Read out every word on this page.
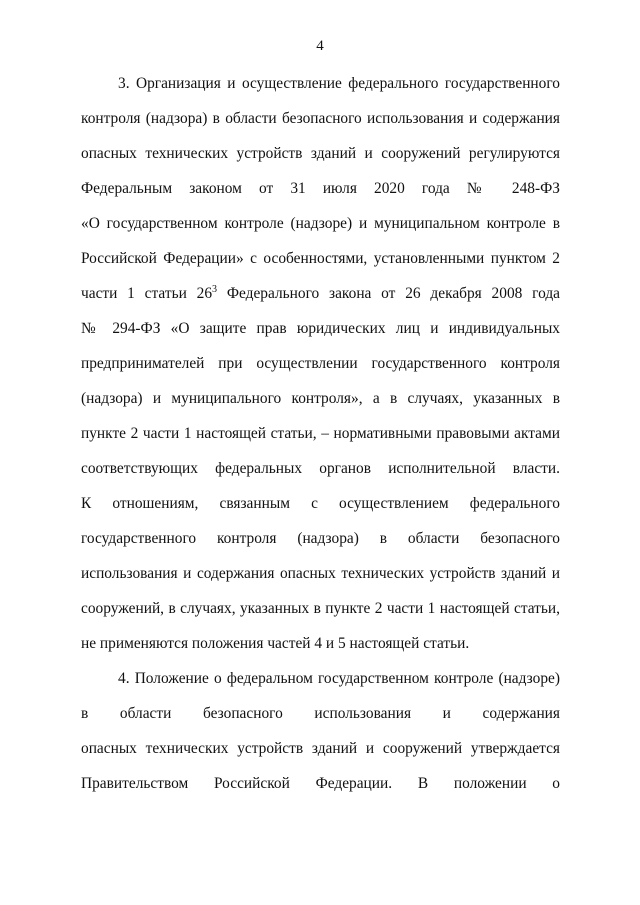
4
3. Организация и осуществление федерального государственного
контроля (надзора) в области безопасного использования и содержания
опасных технических устройств зданий и сооружений регулируются
Федеральным законом от 31 июля 2020 года № 248-ФЗ
«О государственном контроле (надзоре) и муниципальном контроле в
Российской Федерации» с особенностями, установленными пунктом 2
части 1 статьи $26^3$ Федерального закона от 26 декабря 2008 года
№ 294-ФЗ «О защите прав юридических лиц и индивидуальных
предпринимателей при осуществлении государственного контроля
(надзора) и муниципального контроля», а в случаях, указанных в
пункте 2 части 1 настоящей статьи, – нормативными правовыми актами
соответствующих федеральных органов исполнительной власти.
К отношениям, связанным с осуществлением федерального
государственного контроля (надзора) в области безопасного
использования и содержания опасных технических устройств зданий и
сооружений, в случаях, указанных в пункте 2 части 1 настоящей статьи,
не применяются положения частей 4 и 5 настоящей статьи.
4. Положение о федеральном государственном контроле (надзоре)
в области безопасного использования и содержания
опасных технических устройств зданий и сооружений утверждается
Правительством Российской Федерации. В положении о
